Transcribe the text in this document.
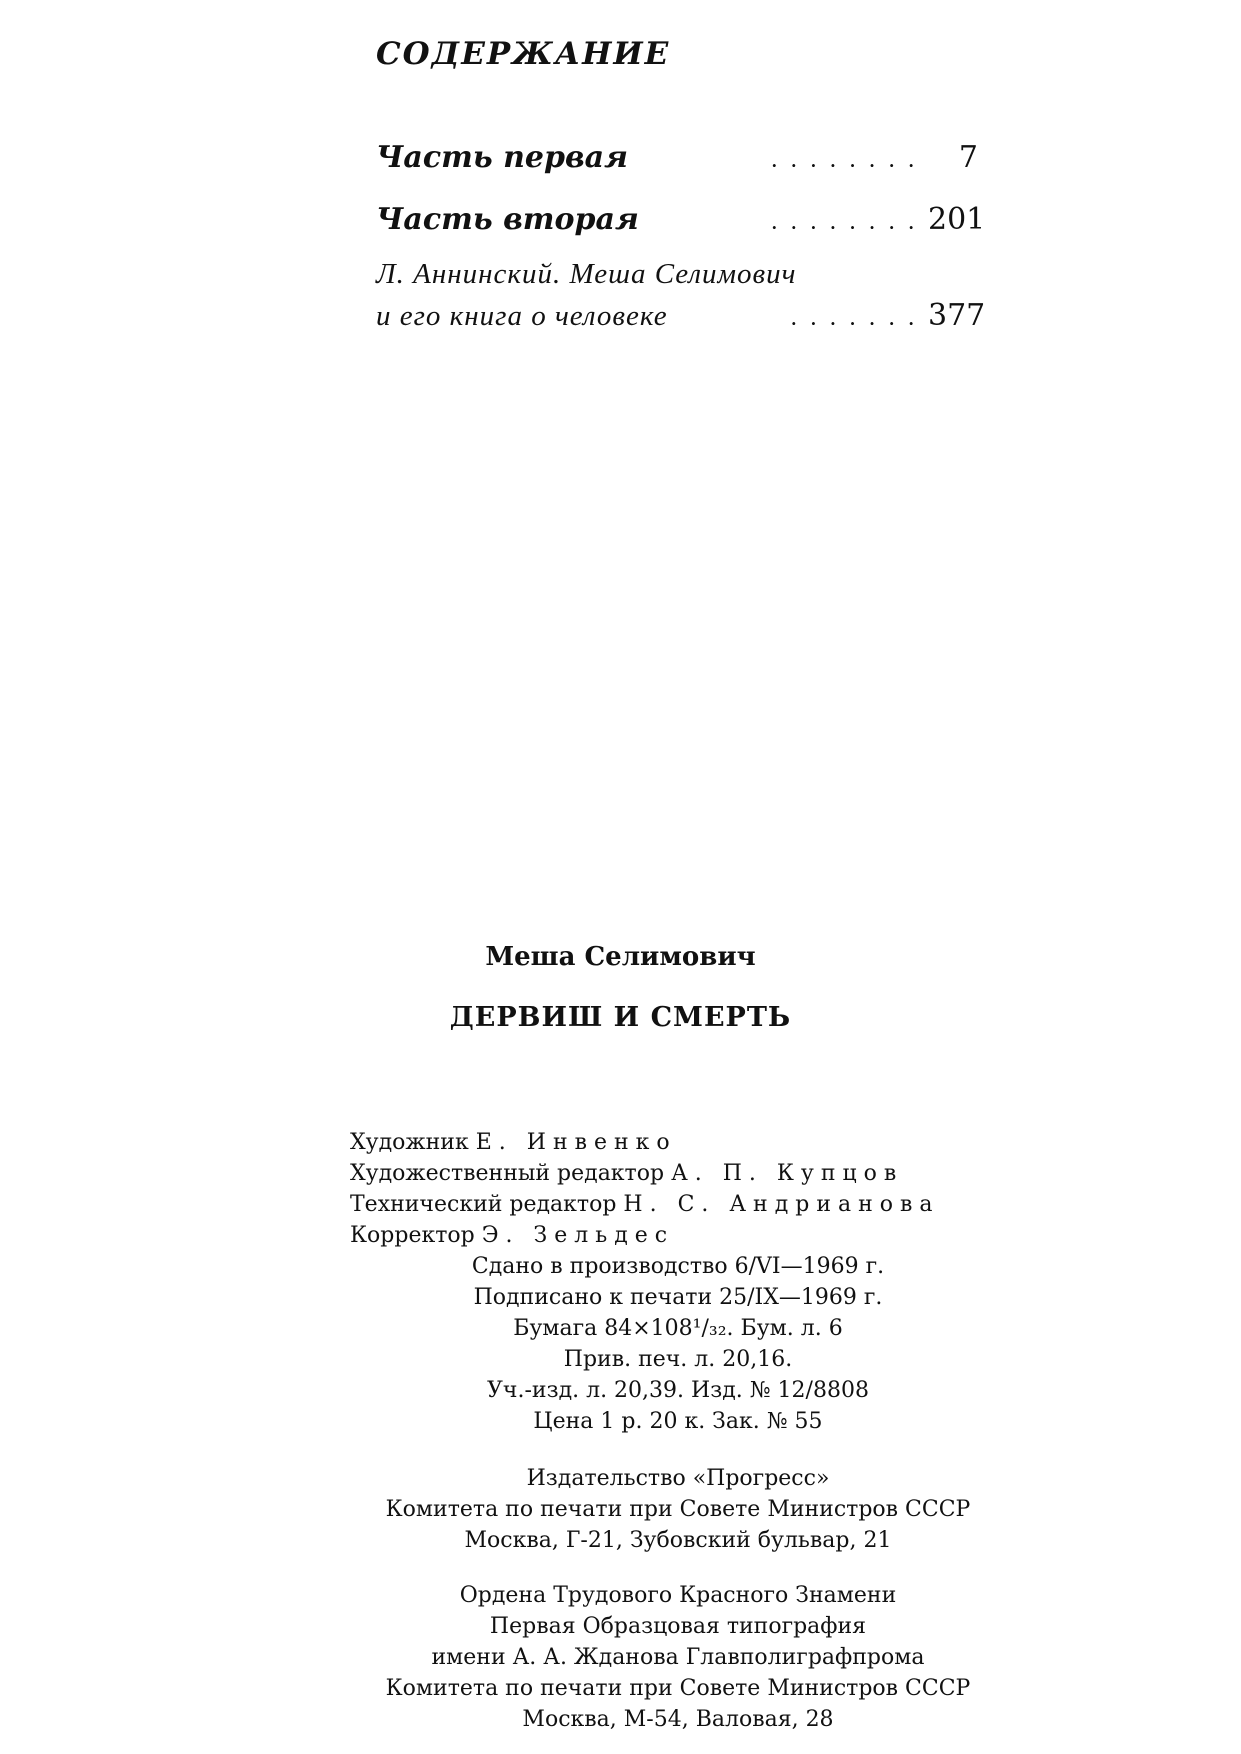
СОДЕРЖАНИЕ
Часть первая	........	7
Часть вторая	........ 201
Л. Аннинский. Меша Селимович
и его книга о человеке	....... 377
Меша Селимович
ДЕРВИШ И СМЕРТЬ
Художник Е. Инвенко
Художественный редактор А. П. Купцов
Технический редактор Н. С. Андрианова
Корректор Э. Зельдес
Сдано в производство 6/VI—1969 г.
Подписано к печати 25/IX—1969 г.
Бумага 84×108¹/₃₂. Бум. л. 6
Прив. печ. л. 20,16.
Уч.-изд. л. 20,39. Изд. № 12/8808
Цена 1 р. 20 к. Зак. № 55
Издательство «Прогресс»
Комитета по печати при Совете Министров СССР
Москва, Г-21, Зубовский бульвар, 21
Ордена Трудового Красного Знамени
Первая Образцовая типография
имени А. А. Жданова Главполиграфпрома
Комитета по печати при Совете Министров СССР
Москва, М-54, Валовая, 28
